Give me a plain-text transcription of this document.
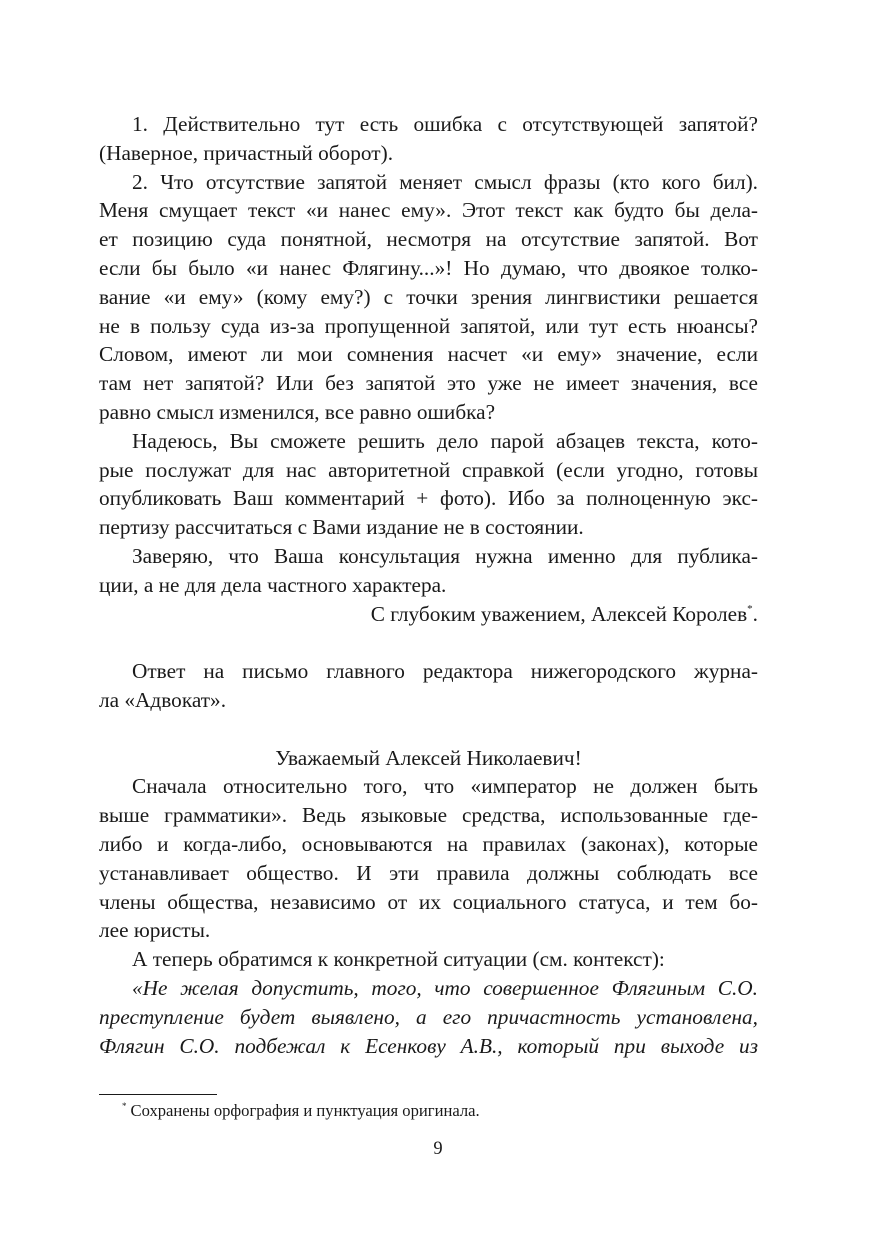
1. Действительно тут есть ошибка с отсутствующей запятой?

(Наверное, причастный оборот).

2. Что отсутствие запятой меняет смысл фразы (кто кого бил).

Меня смущает текст «и нанес ему». Этот текст как будто бы дела-

ет позицию суда понятной, несмотря на отсутствие запятой. Вот

если бы было «и нанес Флягину...»! Но думаю, что двоякое толко-

вание «и ему» (кому ему?) с точки зрения лингвистики решается

не в пользу суда из-за пропущенной запятой, или тут есть нюансы?

Словом, имеют ли мои сомнения насчет «и ему» значение, если

там нет запятой? Или без запятой это уже не имеет значения, все

равно смысл изменился, все равно ошибка?

Надеюсь, Вы сможете решить дело парой абзацев текста, кото-

рые послужат для нас авторитетной справкой (если угодно, готовы

опубликовать Ваш комментарий + фото). Ибо за полноценную экс-

пертизу рассчитаться с Вами издание не в состоянии.

Заверяю, что Ваша консультация нужна именно для публика-

ции, а не для дела частного характера.

С глубоким уважением, Алексей Королев*.

Ответ на письмо главного редактора нижегородского журна-

ла «Адвокат».

Уважаемый Алексей Николаевич!

Сначала относительно того, что «император не должен быть

выше грамматики». Ведь языковые средства, использованные где-

либо и когда-либо, основываются на правилах (законах), которые

устанавливает общество. И эти правила должны соблюдать все

члены общества, независимо от их социального статуса, и тем бо-

лее юристы.

А теперь обратимся к конкретной ситуации (см. контекст):

«Не желая допустить, того, что совершенное Флягиным С.О.

преступление будет выявлено, а его причастность установлена,

Флягин С.О. подбежал к Есенкову А.В., который при выходе из

* Сохранены орфография и пунктуация оригинала.
9
